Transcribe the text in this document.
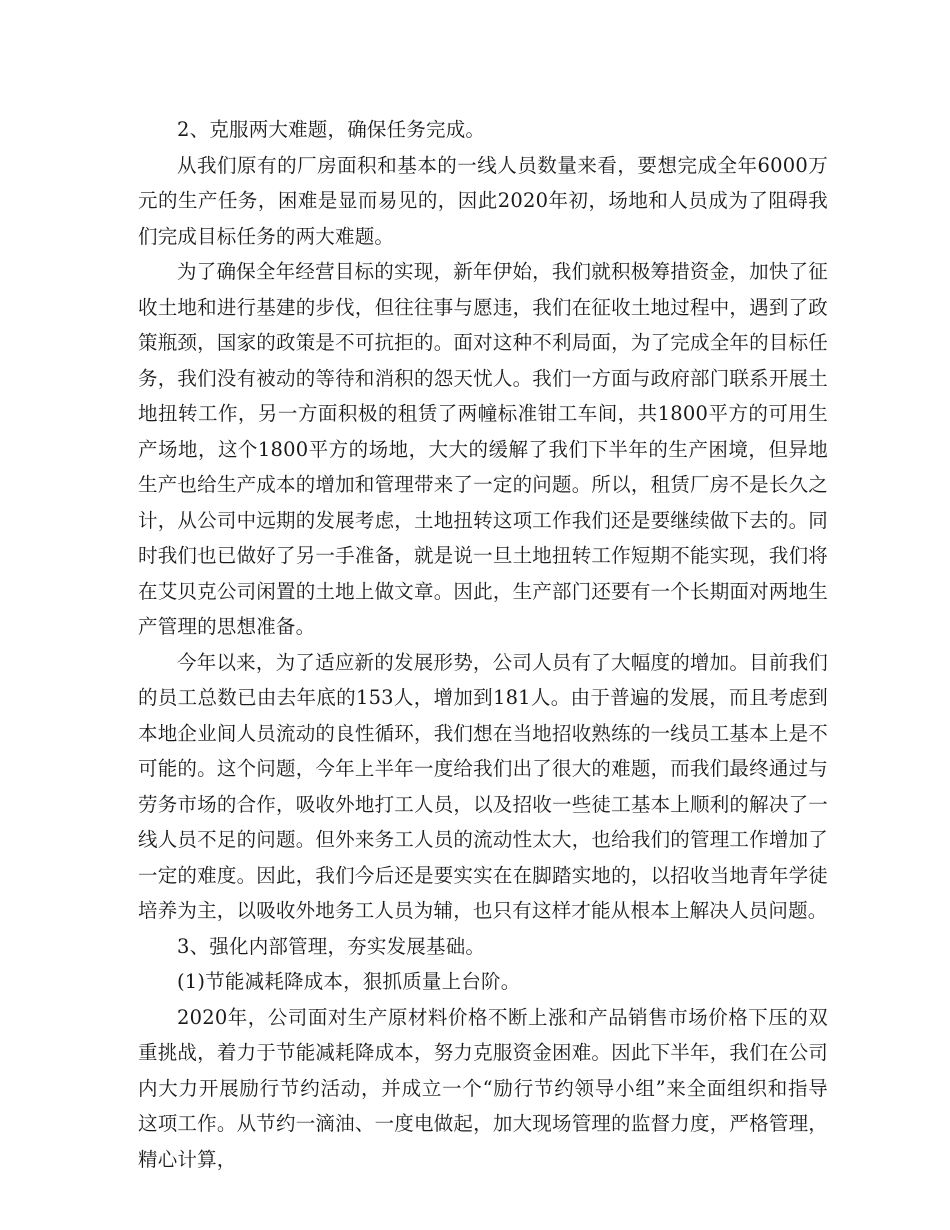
2、克服两大难题，确保任务完成。

从我们原有的厂房面积和基本的一线人员数量来看，要想完成全年6000万元的生产任务，困难是显而易见的，因此2020年初，场地和人员成为了阻碍我们完成目标任务的两大难题。

为了确保全年经营目标的实现，新年伊始，我们就积极筹措资金，加快了征收土地和进行基建的步伐，但往往事与愿违，我们在征收土地过程中，遇到了政策瓶颈，国家的政策是不可抗拒的。面对这种不利局面，为了完成全年的目标任务，我们没有被动的等待和消积的怨天忧人。我们一方面与政府部门联系开展土地扭转工作，另一方面积极的租赁了两幢标准钳工车间，共1800平方的可用生产场地，这个1800平方的场地，大大的缓解了我们下半年的生产困境，但异地生产也给生产成本的增加和管理带来了一定的问题。所以，租赁厂房不是长久之计，从公司中远期的发展考虑，土地扭转这项工作我们还是要继续做下去的。同时我们也已做好了另一手准备，就是说一旦土地扭转工作短期不能实现，我们将在艾贝克公司闲置的土地上做文章。因此，生产部门还要有一个长期面对两地生产管理的思想准备。

今年以来，为了适应新的发展形势，公司人员有了大幅度的增加。目前我们的员工总数已由去年底的153人，增加到181人。由于普遍的发展，而且考虑到本地企业间人员流动的良性循环，我们想在当地招收熟练的一线员工基本上是不可能的。这个问题，今年上半年一度给我们出了很大的难题，而我们最终通过与劳务市场的合作，吸收外地打工人员，以及招收一些徒工基本上顺利的解决了一线人员不足的问题。但外来务工人员的流动性太大，也给我们的管理工作增加了一定的难度。因此，我们今后还是要实实在在脚踏实地的，以招收当地青年学徒培养为主，以吸收外地务工人员为辅，也只有这样才能从根本上解决人员问题。

3、强化内部管理，夯实发展基础。

(1)节能减耗降成本，狠抓质量上台阶。

2020年，公司面对生产原材料价格不断上涨和产品销售市场价格下压的双重挑战，着力于节能减耗降成本，努力克服资金困难。因此下半年，我们在公司内大力开展励行节约活动，并成立一个“励行节约领导小组”来全面组织和指导这项工作。从节约一滴油、一度电做起，加大现场管理的监督力度，严格管理，精心计算，
